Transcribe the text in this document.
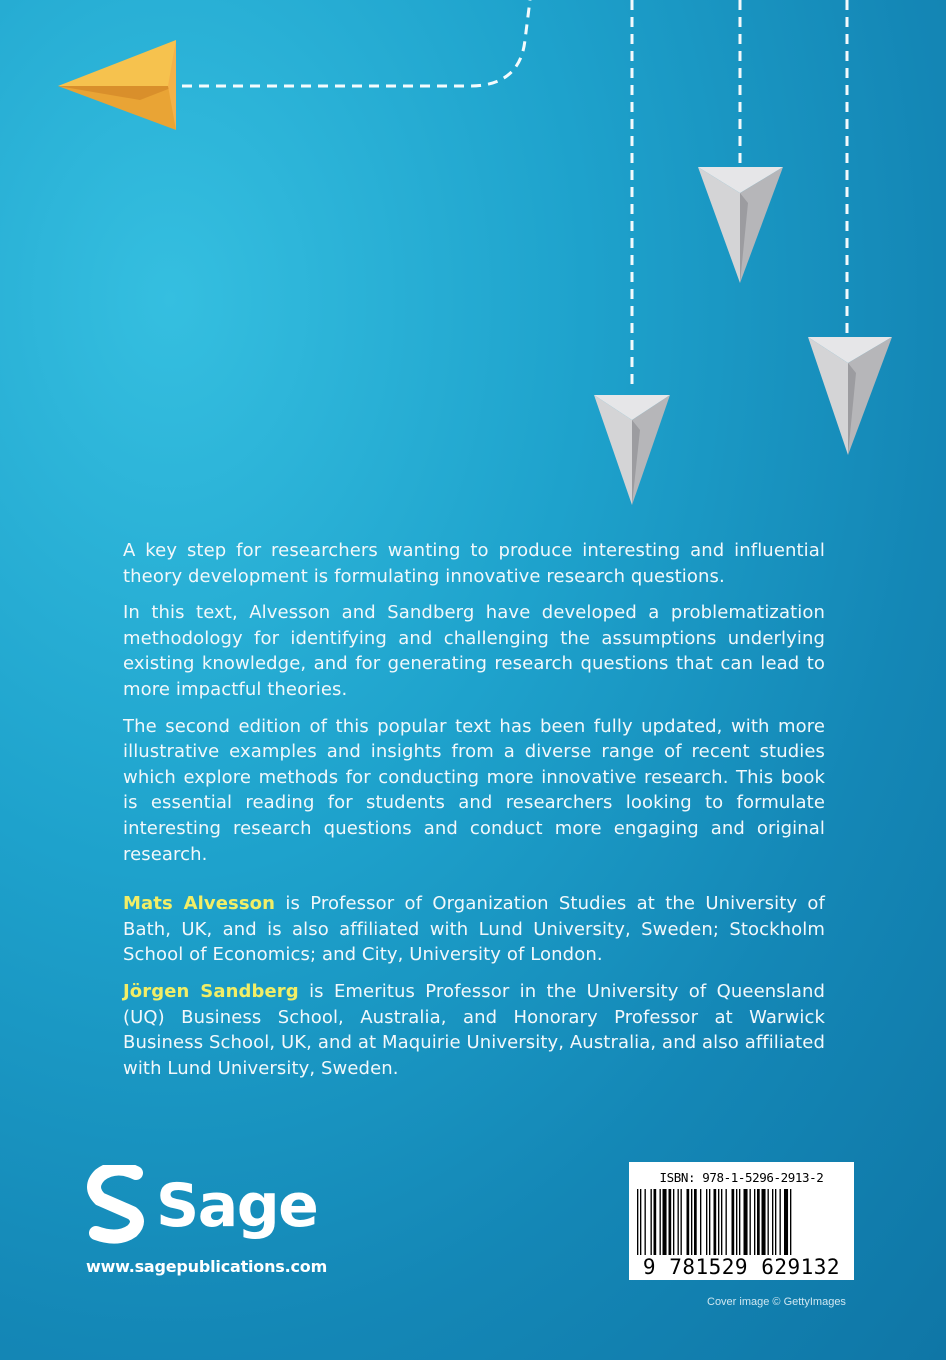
A key step for researchers wanting to produce interesting and influential theory development is formulating innovative research questions.

In this text, Alvesson and Sandberg have developed a problematization methodology for identifying and challenging the assumptions underlying existing knowledge, and for generating research questions that can lead to more impactful theories.

The second edition of this popular text has been fully updated, with more illustrative examples and insights from a diverse range of recent studies which explore methods for conducting more innovative research. This book is essential reading for students and researchers looking to formulate interesting research questions and conduct more engaging and original research.

Mats Alvesson is Professor of Organization Studies at the University of Bath, UK, and is also affiliated with Lund University, Sweden; Stockholm School of Economics; and City, University of London.

Jörgen Sandberg is Emeritus Professor in the University of Queensland (UQ) Business School, Australia, and Honorary Professor at Warwick Business School, UK, and at Maquirie University, Australia, and also affiliated with Lund University, Sweden.

Sage
www.sagepublications.com
ISBN: 978-1-5296-2913-2
9 781529 629132
Cover image © GettyImages
